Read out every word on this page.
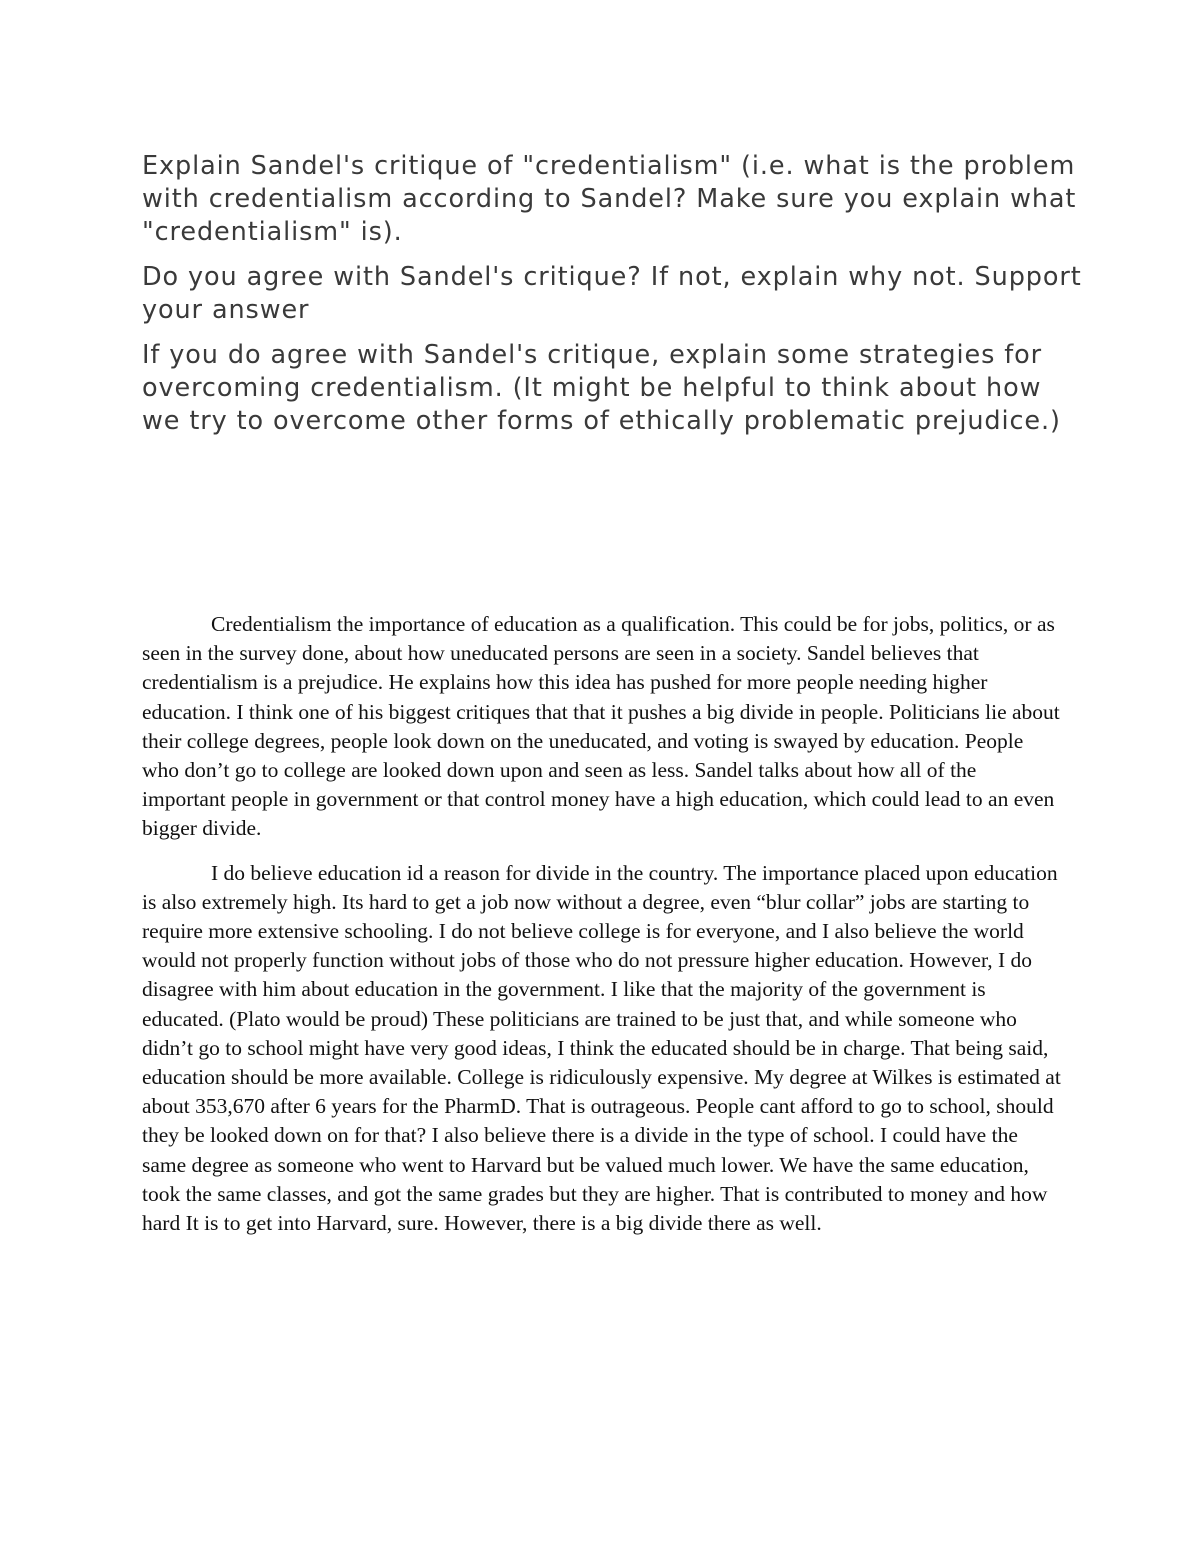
Explain Sandel's critique of "credentialism" (i.e. what is the problem with credentialism according to Sandel? Make sure you explain what "credentialism" is).

Do you agree with Sandel's critique? If not, explain why not. Support your answer

If you do agree with Sandel's critique, explain some strategies for overcoming credentialism. (It might be helpful to think about how we try to overcome other forms of ethically problematic prejudice.)

Credentialism the importance of education as a qualification. This could be for jobs, politics, or as seen in the survey done, about how uneducated persons are seen in a society. Sandel believes that credentialism is a prejudice. He explains how this idea has pushed for more people needing higher education. I think one of his biggest critiques that that it pushes a big divide in people. Politicians lie about their college degrees, people look down on the uneducated, and voting is swayed by education. People who don’t go to college are looked down upon and seen as less. Sandel talks about how all of the important people in government or that control money have a high education, which could lead to an even bigger divide.

I do believe education id a reason for divide in the country. The importance placed upon education is also extremely high. Its hard to get a job now without a degree, even “blur collar” jobs are starting to require more extensive schooling. I do not believe college is for everyone, and I also believe the world would not properly function without jobs of those who do not pressure higher education. However, I do disagree with him about education in the government. I like that the majority of the government is educated. (Plato would be proud) These politicians are trained to be just that, and while someone who didn’t go to school might have very good ideas, I think the educated should be in charge. That being said, education should be more available. College is ridiculously expensive. My degree at Wilkes is estimated at about 353,670 after 6 years for the PharmD. That is outrageous. People cant afford to go to school, should they be looked down on for that? I also believe there is a divide in the type of school. I could have the same degree as someone who went to Harvard but be valued much lower. We have the same education, took the same classes, and got the same grades but they are higher. That is contributed to money and how hard It is to get into Harvard, sure. However, there is a big divide there as well.
